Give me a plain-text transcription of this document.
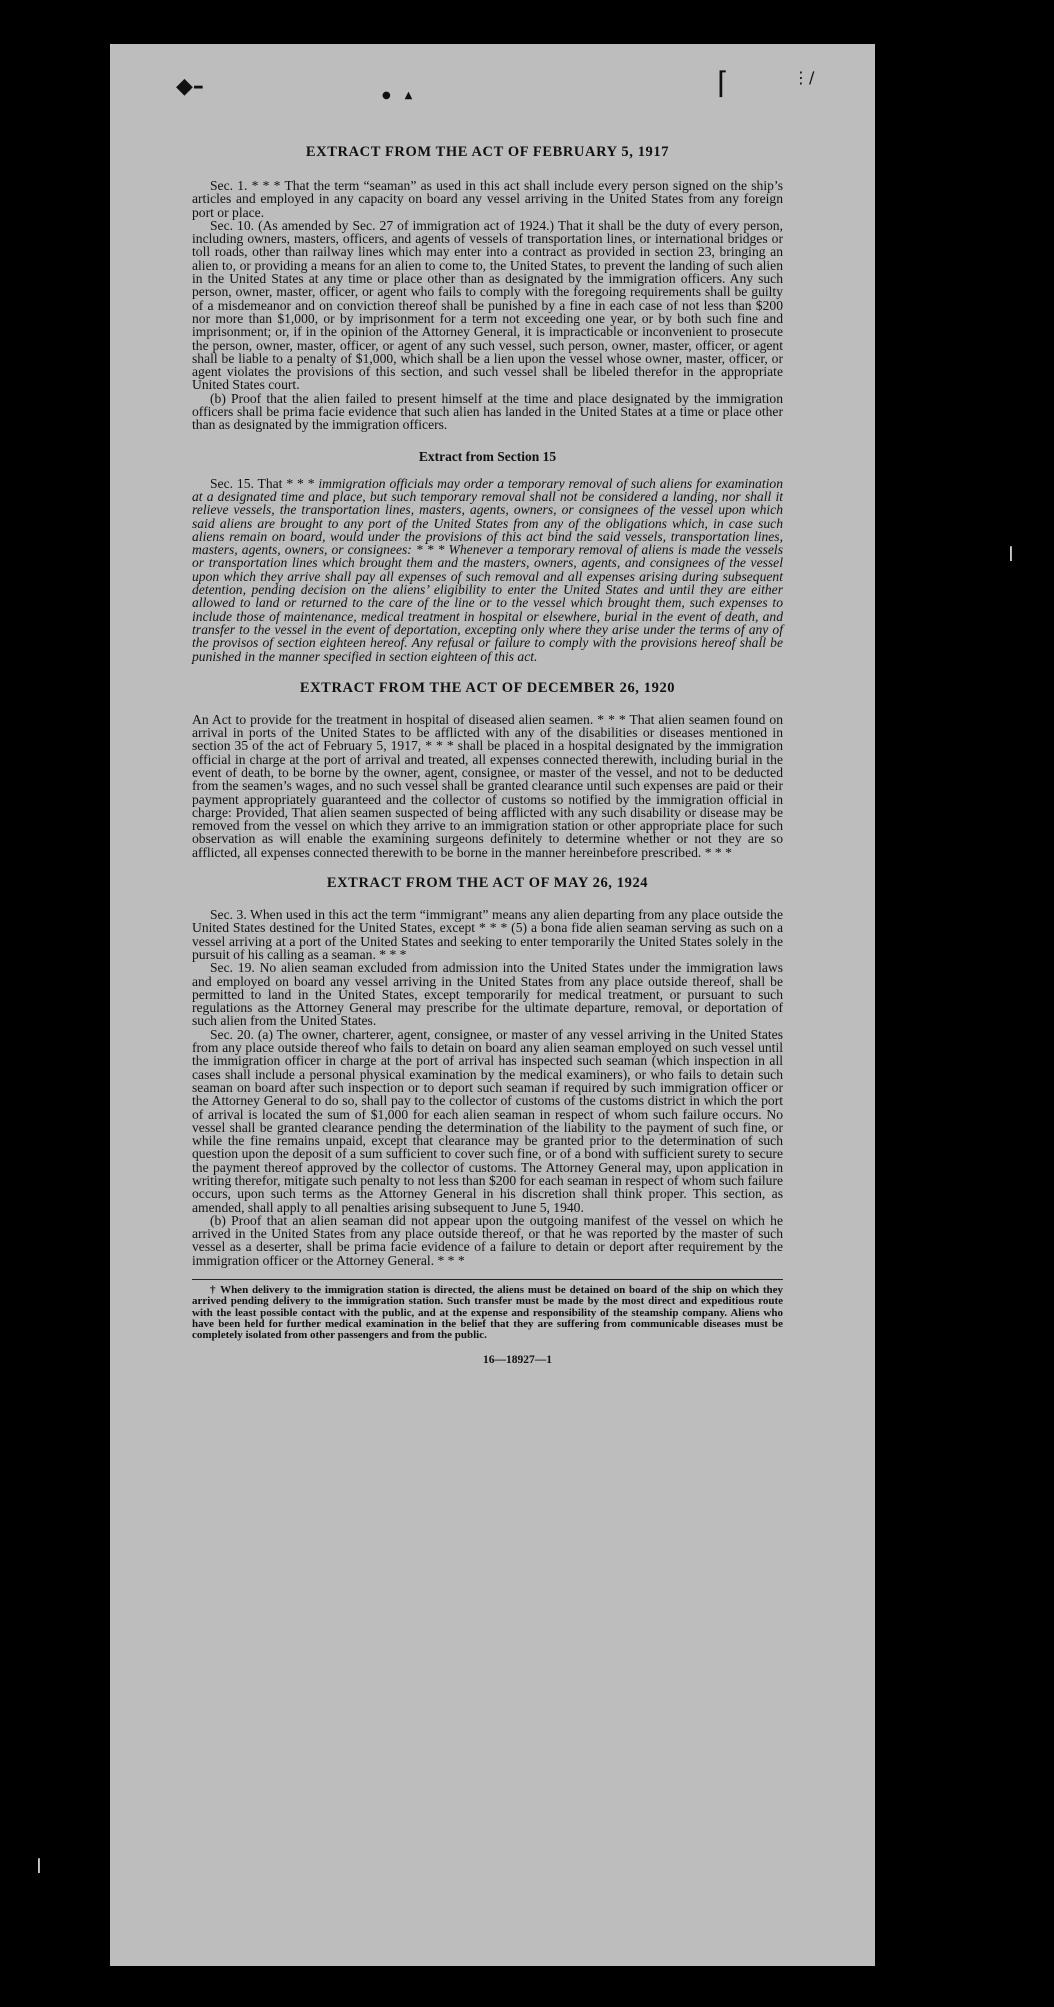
◆–	●    ▲	⌈	⋮∕
EXTRACT FROM THE ACT OF FEBRUARY 5, 1917

Sec. 1. * * * That the term “seaman” as used in this act shall include every person signed on the ship’s articles and employed in any capacity on board any vessel arriving in the United States from any foreign port or place.

Sec. 10. (As amended by Sec. 27 of immigration act of 1924.) That it shall be the duty of every person, including owners, masters, officers, and agents of vessels of transportation lines, or international bridges or toll roads, other than railway lines which may enter into a contract as provided in section 23, bringing an alien to, or providing a means for an alien to come to, the United States, to prevent the landing of such alien in the United States at any time or place other than as designated by the immigration officers. Any such person, owner, master, officer, or agent who fails to comply with the foregoing requirements shall be guilty of a misdemeanor and on conviction thereof shall be punished by a fine in each case of not less than $200 nor more than $1,000, or by imprisonment for a term not exceeding one year, or by both such fine and imprisonment; or, if in the opinion of the Attorney General, it is impracticable or inconvenient to prosecute the person, owner, master, officer, or agent of any such vessel, such person, owner, master, officer, or agent shall be liable to a penalty of $1,000, which shall be a lien upon the vessel whose owner, master, officer, or agent violates the provisions of this section, and such vessel shall be libeled therefor in the appropriate United States court.

(b) Proof that the alien failed to present himself at the time and place designated by the immigration officers shall be prima facie evidence that such alien has landed in the United States at a time or place other than as designated by the immigration officers.

Extract from Section 15

Sec. 15. That * * * immigration officials may order a temporary removal of such aliens for examination at a designated time and place, but such temporary removal shall not be considered a landing, nor shall it relieve vessels, the transportation lines, masters, agents, owners, or consignees of the vessel upon which said aliens are brought to any port of the United States from any of the obligations which, in case such aliens remain on board, would under the provisions of this act bind the said vessels, transportation lines, masters, agents, owners, or consignees: * * * Whenever a temporary removal of aliens is made the vessels or transportation lines which brought them and the masters, owners, agents, and consignees of the vessel upon which they arrive shall pay all expenses of such removal and all expenses arising during subsequent detention, pending decision on the aliens’ eligibility to enter the United States and until they are either allowed to land or returned to the care of the line or to the vessel which brought them, such expenses to include those of maintenance, medical treatment in hospital or elsewhere, burial in the event of death, and transfer to the vessel in the event of deportation, excepting only where they arise under the terms of any of the provisos of section eighteen hereof. Any refusal or failure to comply with the provisions hereof shall be punished in the manner specified in section eighteen of this act.

EXTRACT FROM THE ACT OF DECEMBER 26, 1920

An Act to provide for the treatment in hospital of diseased alien seamen. * * * That alien seamen found on arrival in ports of the United States to be afflicted with any of the disabilities or diseases mentioned in section 35 of the act of February 5, 1917, * * * shall be placed in a hospital designated by the immigration official in charge at the port of arrival and treated, all expenses connected therewith, including burial in the event of death, to be borne by the owner, agent, consignee, or master of the vessel, and not to be deducted from the seamen’s wages, and no such vessel shall be granted clearance until such expenses are paid or their payment appropriately guaranteed and the collector of customs so notified by the immigration official in charge: Provided, That alien seamen suspected of being afflicted with any such disability or disease may be removed from the vessel on which they arrive to an immigration station or other appropriate place for such observation as will enable the examining surgeons definitely to determine whether or not they are so afflicted, all expenses connected therewith to be borne in the manner hereinbefore prescribed. * * *

EXTRACT FROM THE ACT OF MAY 26, 1924

Sec. 3. When used in this act the term “immigrant” means any alien departing from any place outside the United States destined for the United States, except * * * (5) a bona fide alien seaman serving as such on a vessel arriving at a port of the United States and seeking to enter temporarily the United States solely in the pursuit of his calling as a seaman. * * *

Sec. 19. No alien seaman excluded from admission into the United States under the immigration laws and employed on board any vessel arriving in the United States from any place outside thereof, shall be permitted to land in the United States, except temporarily for medical treatment, or pursuant to such regulations as the Attorney General may prescribe for the ultimate departure, removal, or deportation of such alien from the United States.

Sec. 20. (a) The owner, charterer, agent, consignee, or master of any vessel arriving in the United States from any place outside thereof who fails to detain on board any alien seaman employed on such vessel until the immigration officer in charge at the port of arrival has inspected such seaman (which inspection in all cases shall include a personal physical examination by the medical examiners), or who fails to detain such seaman on board after such inspection or to deport such seaman if required by such immigration officer or the Attorney General to do so, shall pay to the collector of customs of the customs district in which the port of arrival is located the sum of $1,000 for each alien seaman in respect of whom such failure occurs. No vessel shall be granted clearance pending the determination of the liability to the payment of such fine, or while the fine remains unpaid, except that clearance may be granted prior to the determination of such question upon the deposit of a sum sufficient to cover such fine, or of a bond with sufficient surety to secure the payment thereof approved by the collector of customs. The Attorney General may, upon application in writing therefor, mitigate such penalty to not less than $200 for each seaman in respect of whom such failure occurs, upon such terms as the Attorney General in his discretion shall think proper. This section, as amended, shall apply to all penalties arising subsequent to June 5, 1940.

(b) Proof that an alien seaman did not appear upon the outgoing manifest of the vessel on which he arrived in the United States from any place outside thereof, or that he was reported by the master of such vessel as a deserter, shall be prima facie evidence of a failure to detain or deport after requirement by the immigration officer or the Attorney General. * * *

† When delivery to the immigration station is directed, the aliens must be detained on board of the ship on which they arrived pending delivery to the immigration station. Such transfer must be made by the most direct and expeditious route with the least possible contact with the public, and at the expense and responsibility of the steamship company. Aliens who have been held for further medical examination in the belief that they are suffering from communicable diseases must be completely isolated from other passengers and from the public.

16—18927—1
׀
׀
